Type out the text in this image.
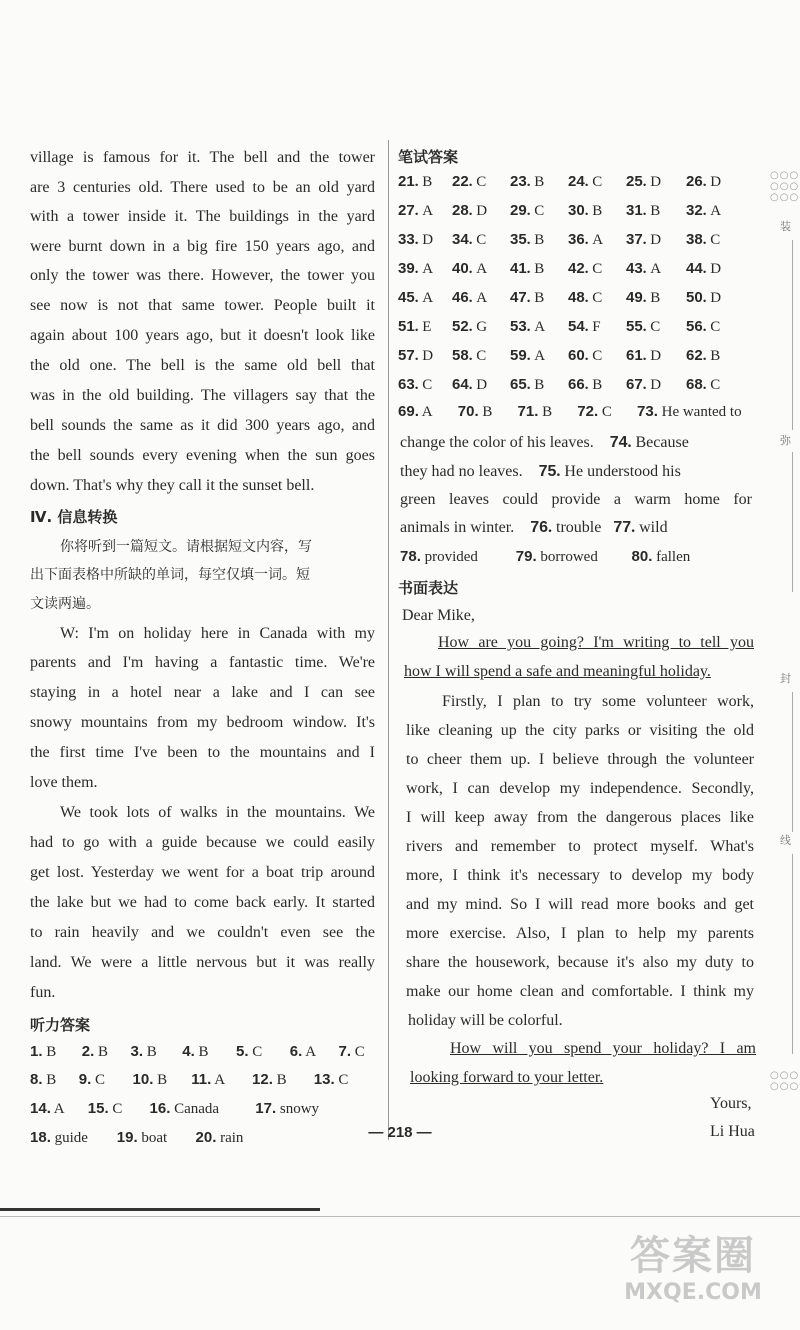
village is famous for it. The bell and the tower
are 3 centuries old. There used to be an old yard
with a tower inside it. The buildings in the yard
were burnt down in a big fire 150 years ago, and
only the tower was there. However, the tower you
see now is not that same tower. People built it
again about 100 years ago, but it doesn't look like
the old one. The bell is the same old bell that
was in the old building. The villagers say that the
bell sounds the same as it did 300 years ago, and
the bell sounds every evening when the sun goes
down. That's why they call it the sunset bell.
Ⅳ. 信息转换
你将听到一篇短文。请根据短文内容，写
出下面表格中所缺的单词，每空仅填一词。短
文读两遍。
W: I'm on holiday here in Canada with my
parents and I'm having a fantastic time. We're
staying in a hotel near a lake and I can see
snowy mountains from my bedroom window. It's
the first time I've been to the mountains and I
love them.
We took lots of walks in the mountains. We
had to go with a guide because we could easily
get lost. Yesterday we went for a boat trip around
the lake but we had to come back early. It started
to rain heavily and we couldn't even see the
land. We were a little nervous but it was really
fun.
听力答案
1. B 2. B 3. B 4. B 5. C 6. A 7. C
8. B 9. C 10. B 11. A 12. B 13. C
14. A 15. C 16. Canada 17. snowy
18. guide 19. boat 20. rain
笔试答案
21. B 22. C 23. B 24. C 25. D 26. D
27. A 28. D 29. C 30. B 31. B 32. A
33. D 34. C 35. B 36. A 37. D 38. C
39. A 40. A 41. B 42. C 43. A 44. D
45. A 46. A 47. B 48. C 49. B 50. D
51. E 52. G 53. A 54. F 55. C 56. C
57. D 58. C 59. A 60. C 61. D 62. B
63. C 64. D 65. B 66. B 67. D 68. C
69. A 70. B 71. B 72. C 73. He wanted to
change the color of his leaves. 74. Because
they had no leaves. 75. He understood his
green leaves could provide a warm home for
animals in winter. 76. trouble 77. wild
78. provided	79. borrowed 80. fallen
书面表达
Dear Mike,
How are you going? I'm writing to tell you
how I will spend a safe and meaningful holiday.
Firstly, I plan to try some volunteer work,
like cleaning up the city parks or visiting the old
to cheer them up. I believe through the volunteer
work, I can develop my independence. Secondly,
I will keep away from the dangerous places like
rivers and remember to protect myself. What's
more, I think it's necessary to develop my body
and my mind. So I will read more books and get
more exercise. Also, I plan to help my parents
share the housework, because it's also my duty to
make our home clean and comfortable. I think my
holiday will be colorful.
How will you spend your holiday? I am
looking forward to your letter.
Yours,
Li Hua
— 218 —
○○○
○○○
○○○
装
弥
封
线
○○○
○○○
答案圈
MXQE.COM
